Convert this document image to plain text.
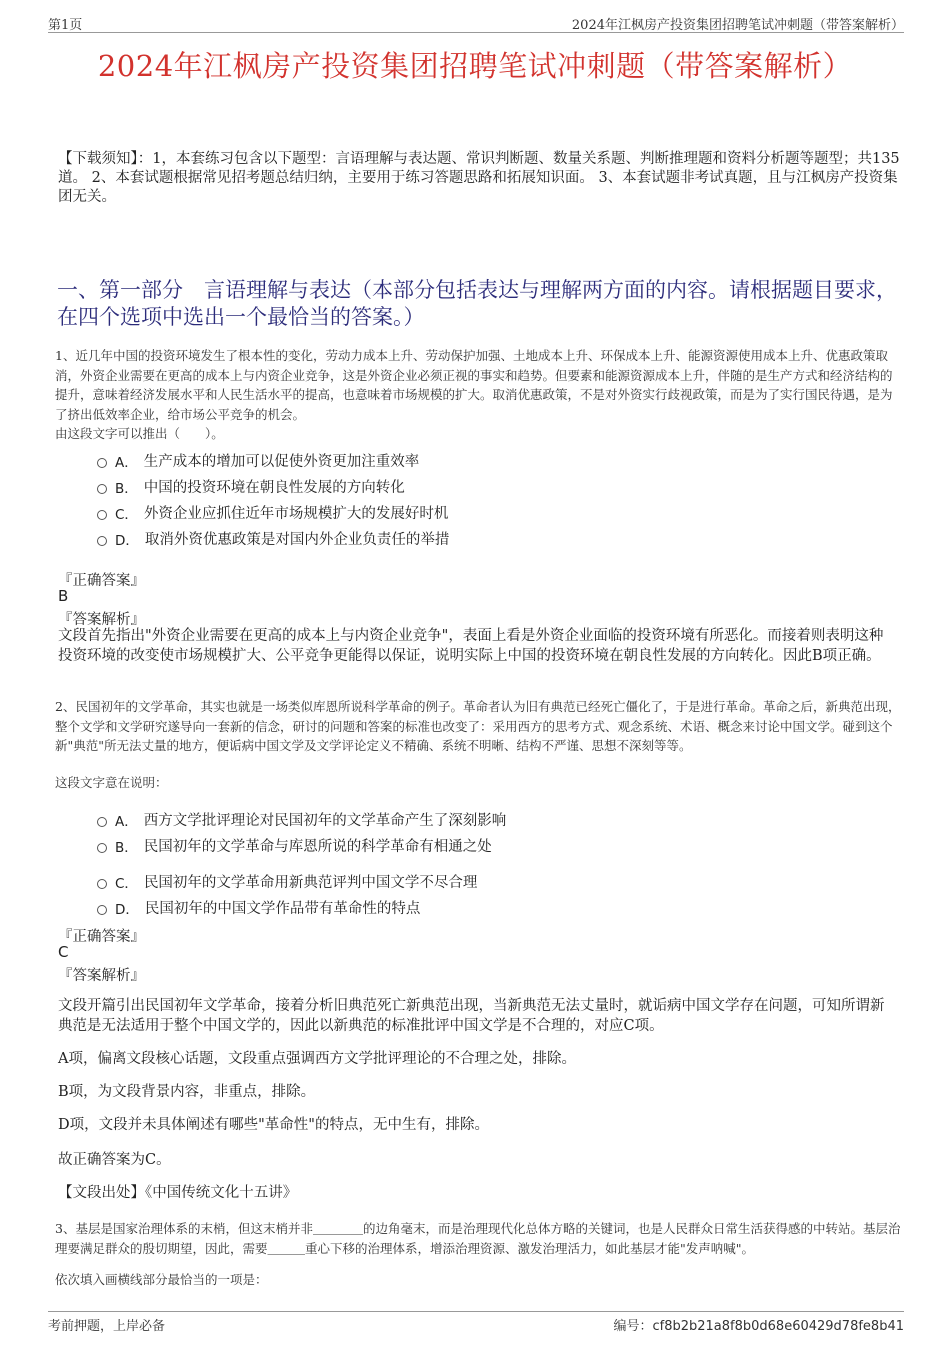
第1页	2024年江枫房产投资集团招聘笔试冲刺题（带答案解析）
2024年江枫房产投资集团招聘笔试冲刺题（带答案解析）
【下载须知】：1，本套练习包含以下题型：言语理解与表达题、常识判断题、数量关系题、判断推理题和资料分析题等题型；共135道。 2、本套试题根据常见招考题总结归纳，主要用于练习答题思路和拓展知识面。 3、本套试题非考试真题，且与江枫房产投资集团无关。
一、第一部分　言语理解与表达（本部分包括表达与理解两方面的内容。请根据题目要求，在四个选项中选出一个最恰当的答案。）
1、近几年中国的投资环境发生了根本性的变化，劳动力成本上升、劳动保护加强、土地成本上升、环保成本上升、能源资源使用成本上升、优惠政策取消，外资企业需要在更高的成本上与内资企业竞争，这是外资企业必须正视的事实和趋势。但要素和能源资源成本上升，伴随的是生产方式和经济结构的提升，意味着经济发展水平和人民生活水平的提高，也意味着市场规模的扩大。取消优惠政策，不是对外资实行歧视政策，而是为了实行国民待遇，是为了挤出低效率企业，给市场公平竞争的机会。
由这段文字可以推出（　　）。
A． 生产成本的增加可以促使外资更加注重效率
B． 中国的投资环境在朝良性发展的方向转化
C． 外资企业应抓住近年市场规模扩大的发展好时机
D． 取消外资优惠政策是对国内外企业负责任的举措
『正确答案』
B
『答案解析』
文段首先指出"外资企业需要在更高的成本上与内资企业竞争"，表面上看是外资企业面临的投资环境有所恶化。而接着则表明这种投资环境的改变使市场规模扩大、公平竞争更能得以保证，说明实际上中国的投资环境在朝良性发展的方向转化。因此B项正确。
2、民国初年的文学革命，其实也就是一场类似库恩所说科学革命的例子。革命者认为旧有典范已经死亡僵化了，于是进行革命。革命之后，新典范出现，整个文学和文学研究遂导向一套新的信念，研讨的问题和答案的标准也改变了：采用西方的思考方式、观念系统、术语、概念来讨论中国文学。碰到这个新"典范"所无法丈量的地方，便诟病中国文学及文学评论定义不精确、系统不明晰、结构不严谨、思想不深刻等等。
这段文字意在说明：
A． 西方文学批评理论对民国初年的文学革命产生了深刻影响
B． 民国初年的文学革命与库恩所说的科学革命有相通之处
C． 民国初年的文学革命用新典范评判中国文学不尽合理
D． 民国初年的中国文学作品带有革命性的特点
『正确答案』
C
『答案解析』
文段开篇引出民国初年文学革命，接着分析旧典范死亡新典范出现，当新典范无法丈量时，就诟病中国文学存在问题，可知所谓新典范是无法适用于整个中国文学的，因此以新典范的标准批评中国文学是不合理的，对应C项。
A项，偏离文段核心话题，文段重点强调西方文学批评理论的不合理之处，排除。
B项，为文段背景内容，非重点，排除。
D项，文段并未具体阐述有哪些"革命性"的特点，无中生有，排除。
故正确答案为C。
【文段出处】《中国传统文化十五讲》
3、基层是国家治理体系的末梢，但这末梢并非＿＿＿＿的边角毫末，而是治理现代化总体方略的关键词，也是人民群众日常生活获得感的中转站。基层治理要满足群众的殷切期望，因此，需要＿＿＿重心下移的治理体系，增添治理资源、激发治理活力，如此基层才能"发声呐喊"。
依次填入画横线部分最恰当的一项是：
考前押题，上岸必备	编号：cf8b2b21a8f8b0d68e60429d78fe8b41
